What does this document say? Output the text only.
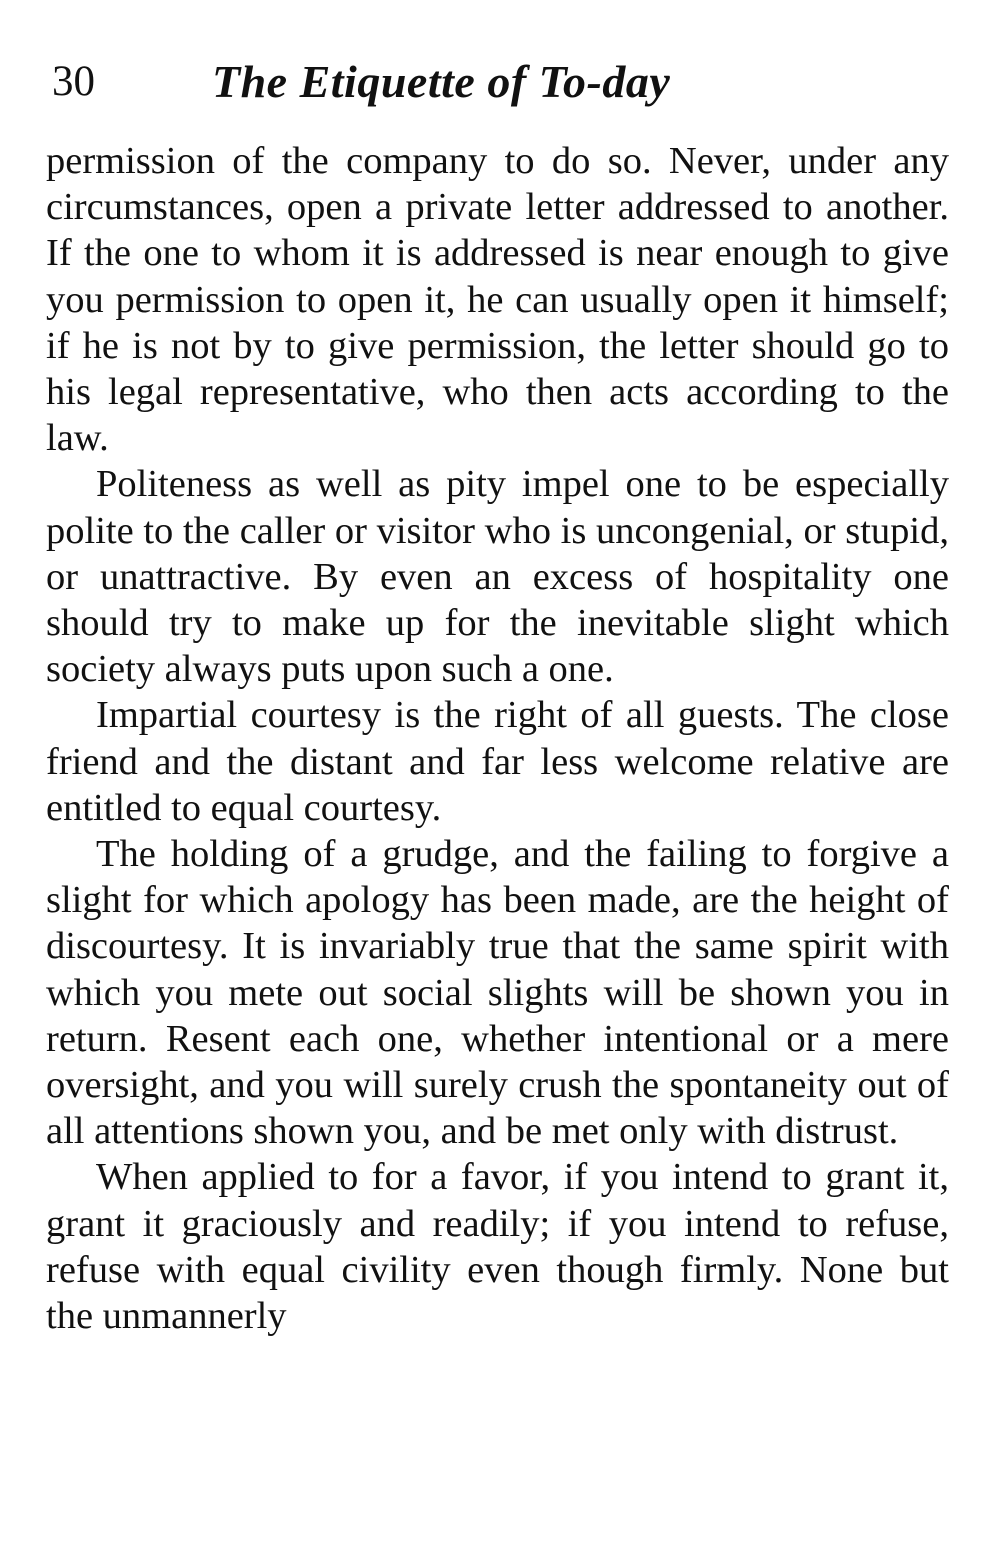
30	The Etiquette of To-day

permission of the company to do so. Never, under any circumstances, open a private letter addressed to another. If the one to whom it is addressed is near enough to give you permission to open it, he can usually open it himself; if he is not by to give permission, the letter should go to his legal representative, who then acts according to the law.

Politeness as well as pity impel one to be especially polite to the caller or visitor who is uncongenial, or stupid, or unattractive. By even an excess of hospitality one should try to make up for the inevitable slight which society always puts upon such a one.

Impartial courtesy is the right of all guests. The close friend and the distant and far less welcome relative are entitled to equal courtesy.

The holding of a grudge, and the failing to forgive a slight for which apology has been made, are the height of discourtesy. It is invariably true that the same spirit with which you mete out social slights will be shown you in return. Resent each one, whether intentional or a mere oversight, and you will surely crush the spontaneity out of all attentions shown you, and be met only with distrust.

When applied to for a favor, if you intend to grant it, grant it graciously and readily; if you intend to refuse, refuse with equal civility even though firmly. None but the unmannerly
